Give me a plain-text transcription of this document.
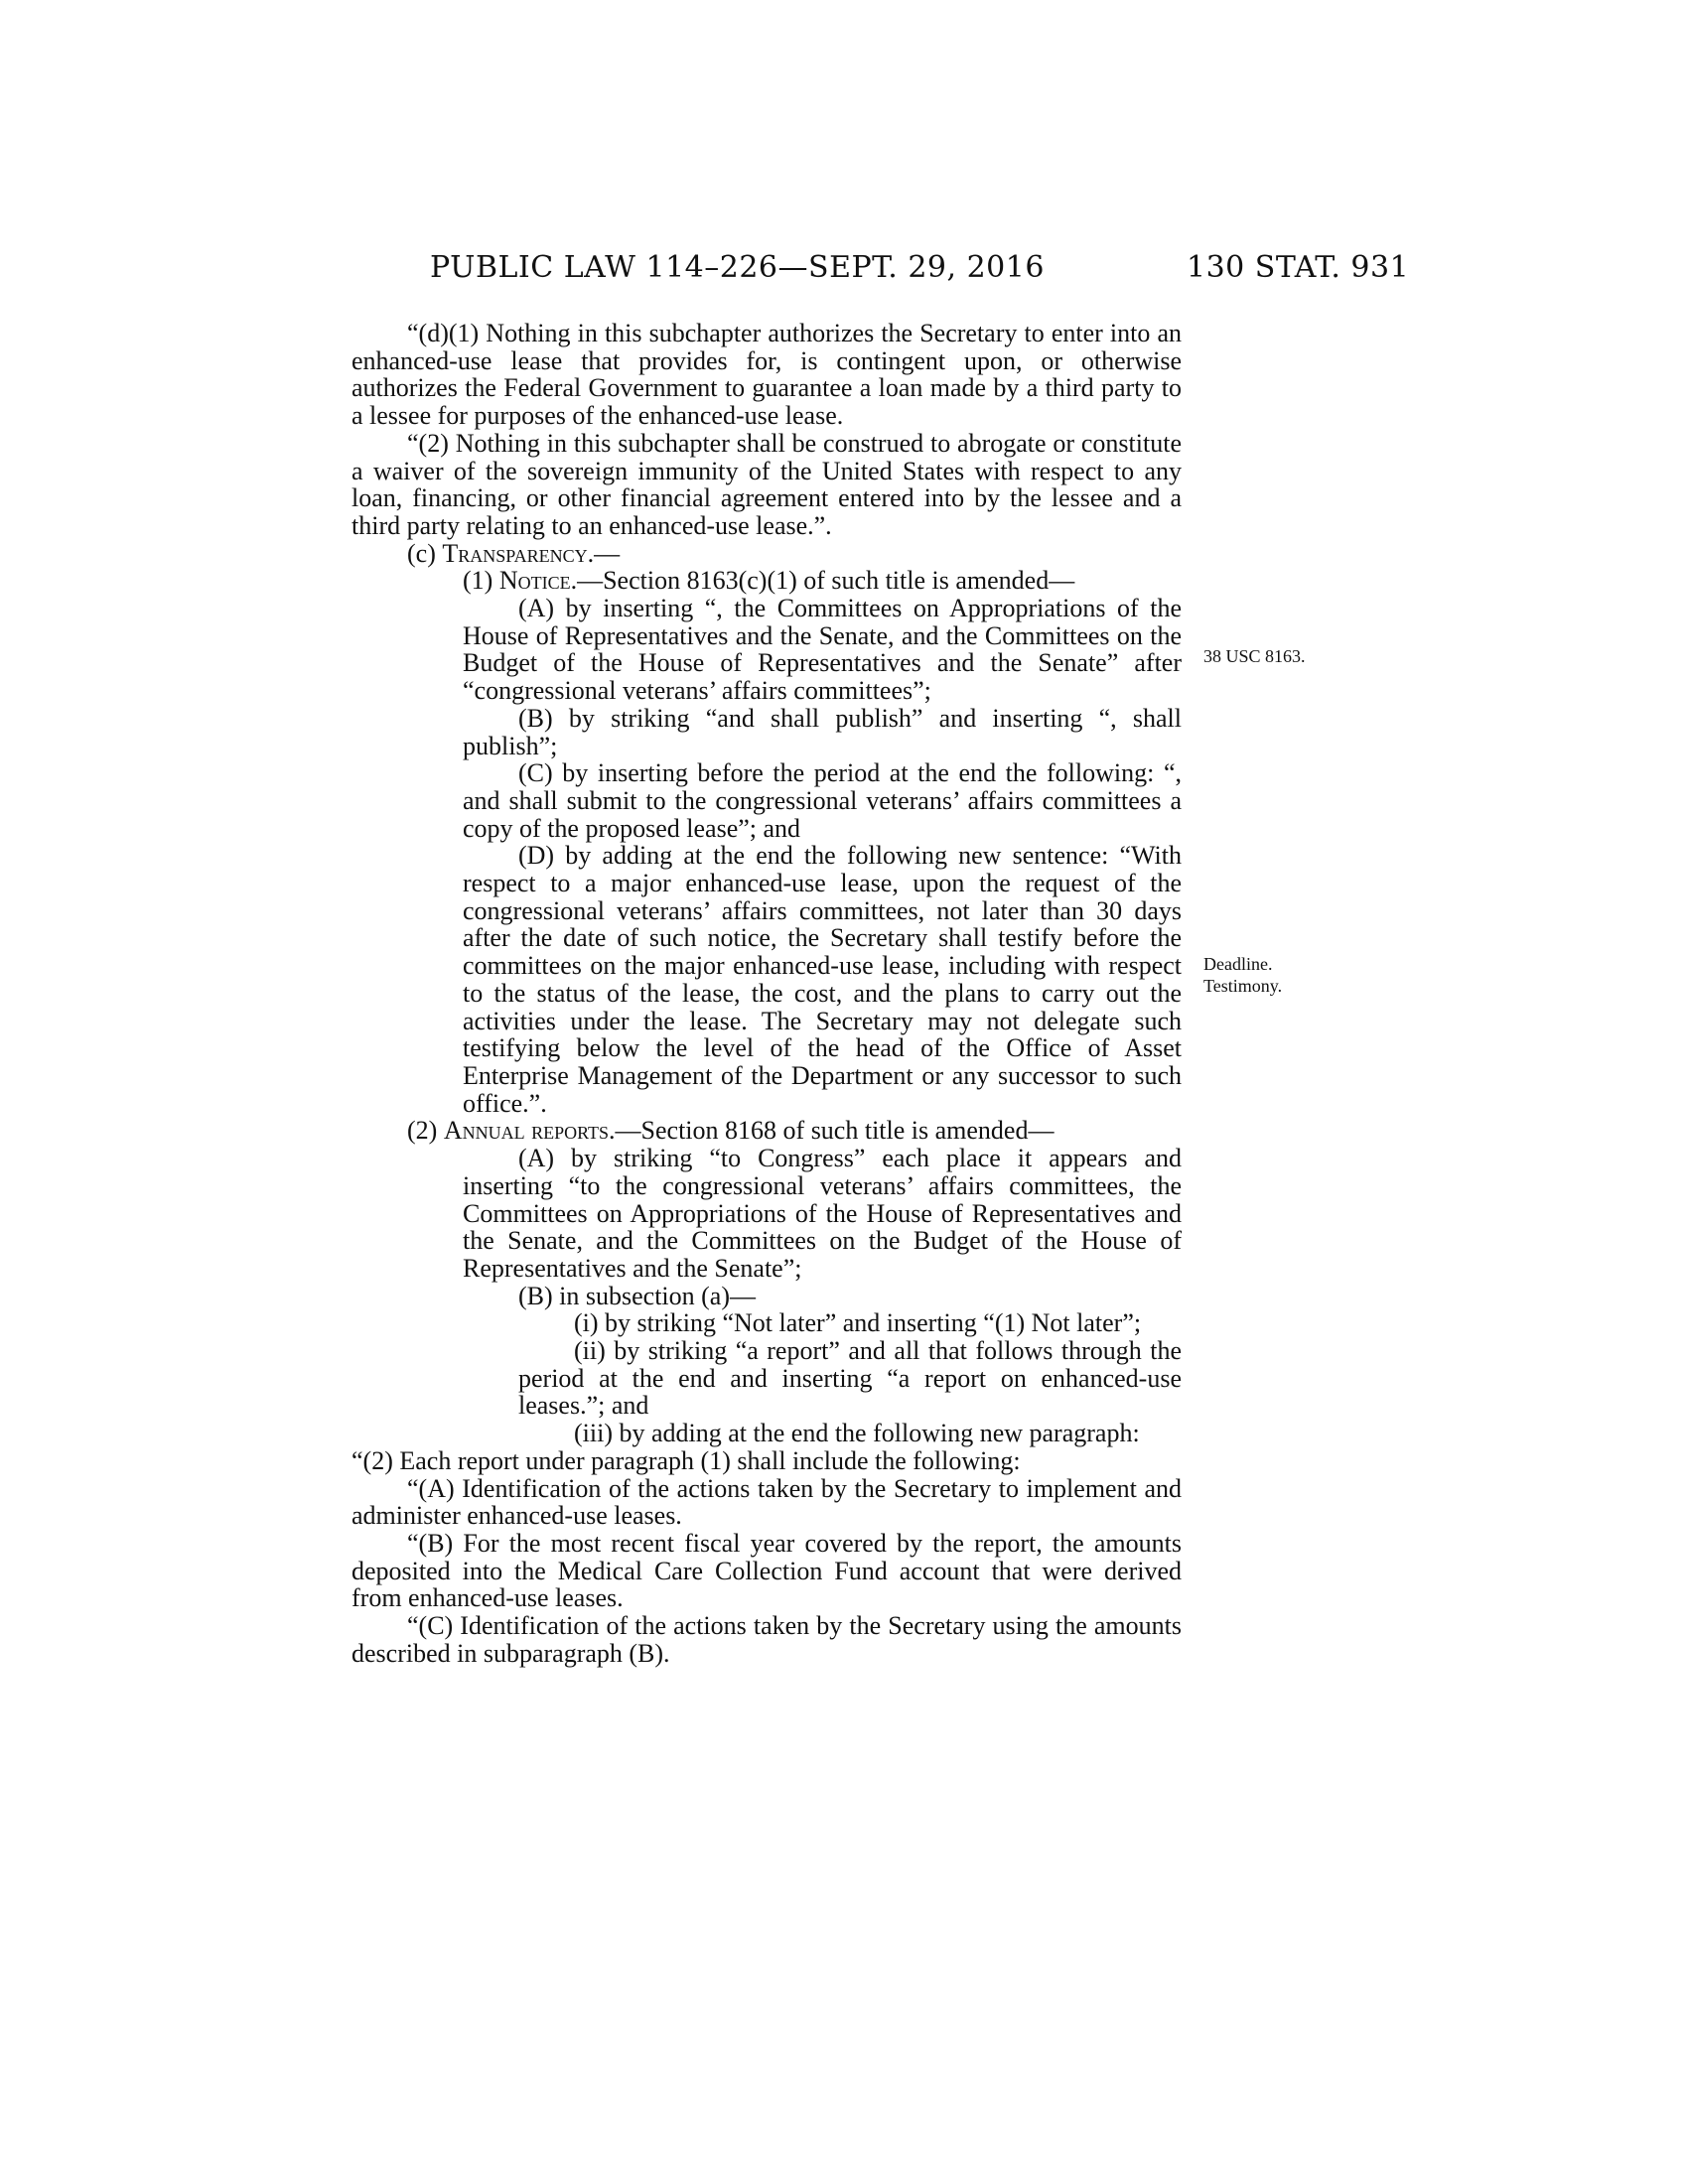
PUBLIC LAW 114–226—SEPT. 29, 2016	130 STAT. 931

“(d)(1) Nothing in this subchapter authorizes the Secretary to enter into an enhanced-use lease that provides for, is contingent upon, or otherwise authorizes the Federal Government to guarantee a loan made by a third party to a lessee for purposes of the enhanced-use lease.

“(2) Nothing in this subchapter shall be construed to abrogate or constitute a waiver of the sovereign immunity of the United States with respect to any loan, financing, or other financial agreement entered into by the lessee and a third party relating to an enhanced-use lease.”.

(c) Transparency.—

(1) Notice.—Section 8163(c)(1) of such title is amended—

(A) by inserting “, the Committees on Appropriations of the House of Representatives and the Senate, and the Committees on the Budget of the House of Representatives and the Senate” after “congressional veterans’ affairs committees”;

(B) by striking “and shall publish” and inserting “, shall publish”;

(C) by inserting before the period at the end the following: “, and shall submit to the congressional veterans’ affairs committees a copy of the proposed lease”; and

(D) by adding at the end the following new sentence: “With respect to a major enhanced-use lease, upon the request of the congressional veterans’ affairs committees, not later than 30 days after the date of such notice, the Secretary shall testify before the committees on the major enhanced-use lease, including with respect to the status of the lease, the cost, and the plans to carry out the activities under the lease. The Secretary may not delegate such testifying below the level of the head of the Office of Asset Enterprise Management of the Department or any successor to such office.”.

(2) Annual reports.—Section 8168 of such title is amended—

(A) by striking “to Congress” each place it appears and inserting “to the congressional veterans’ affairs committees, the Committees on Appropriations of the House of Representatives and the Senate, and the Committees on the Budget of the House of Representatives and the Senate”;

(B) in subsection (a)—

(i) by striking “Not later” and inserting “(1) Not later”;

(ii) by striking “a report” and all that follows through the period at the end and inserting “a report on enhanced-use leases.”; and

(iii) by adding at the end the following new paragraph:

“(2) Each report under paragraph (1) shall include the following:

“(A) Identification of the actions taken by the Secretary to implement and administer enhanced-use leases.

“(B) For the most recent fiscal year covered by the report, the amounts deposited into the Medical Care Collection Fund account that were derived from enhanced-use leases.

“(C) Identification of the actions taken by the Secretary using the amounts described in subparagraph (B).

38 USC 8163.
Deadline.
Testimony.
